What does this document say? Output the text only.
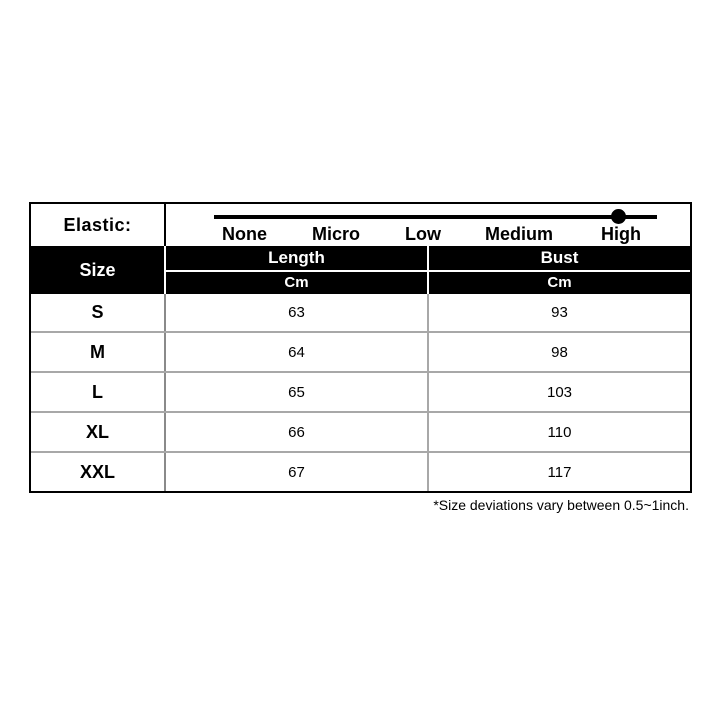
Elastic:	None	Micro Low Medium	High
Size
Length	Bust
Cm	Cm
S	63	93
M	64	98
L	65	103
XL	66	110
XXL	67	117
*Size deviations vary between 0.5~1inch.
